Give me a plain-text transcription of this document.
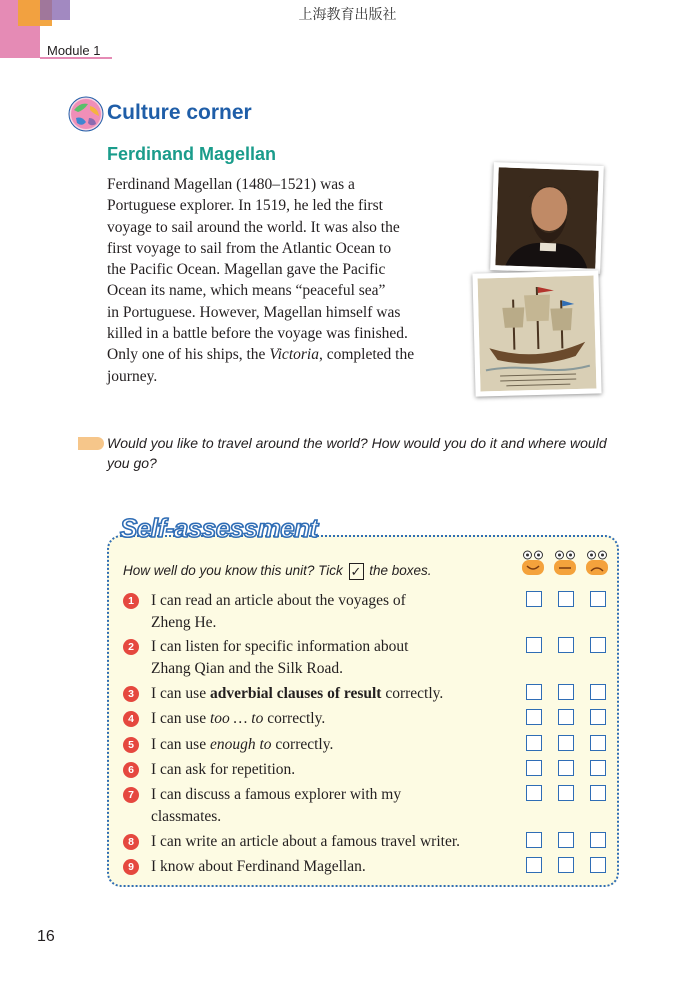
上海教育出版社
Module 1
Culture corner
Ferdinand Magellan

Ferdinand Magellan (1480–1521) was a
Portuguese explorer. In 1519, he led the first
voyage to sail around the world. It was also the
first voyage to sail from the Atlantic Ocean to
the Pacific Ocean. Magellan gave the Pacific
Ocean its name, which means “peaceful sea”
in Portuguese. However, Magellan himself was
killed in a battle before the voyage was finished.
Only one of his ships, the Victoria, completed the
journey.

Would you like to travel around the world? How would you do it and where would you go?
Self-assessment
How well do you know this unit? Tick ✓ the boxes.
1	I can read an article about the voyages of
Zheng He.
2	I can listen for specific information about
Zhang Qian and the Silk Road.
3	I can use adverbial clauses of result correctly.
4	I can use too … to correctly.
5	I can use enough to correctly.
6	I can ask for repetition.
7	I can discuss a famous explorer with my
classmates.
8	I can write an article about a famous travel writer.
9	I know about Ferdinand Magellan.
16
